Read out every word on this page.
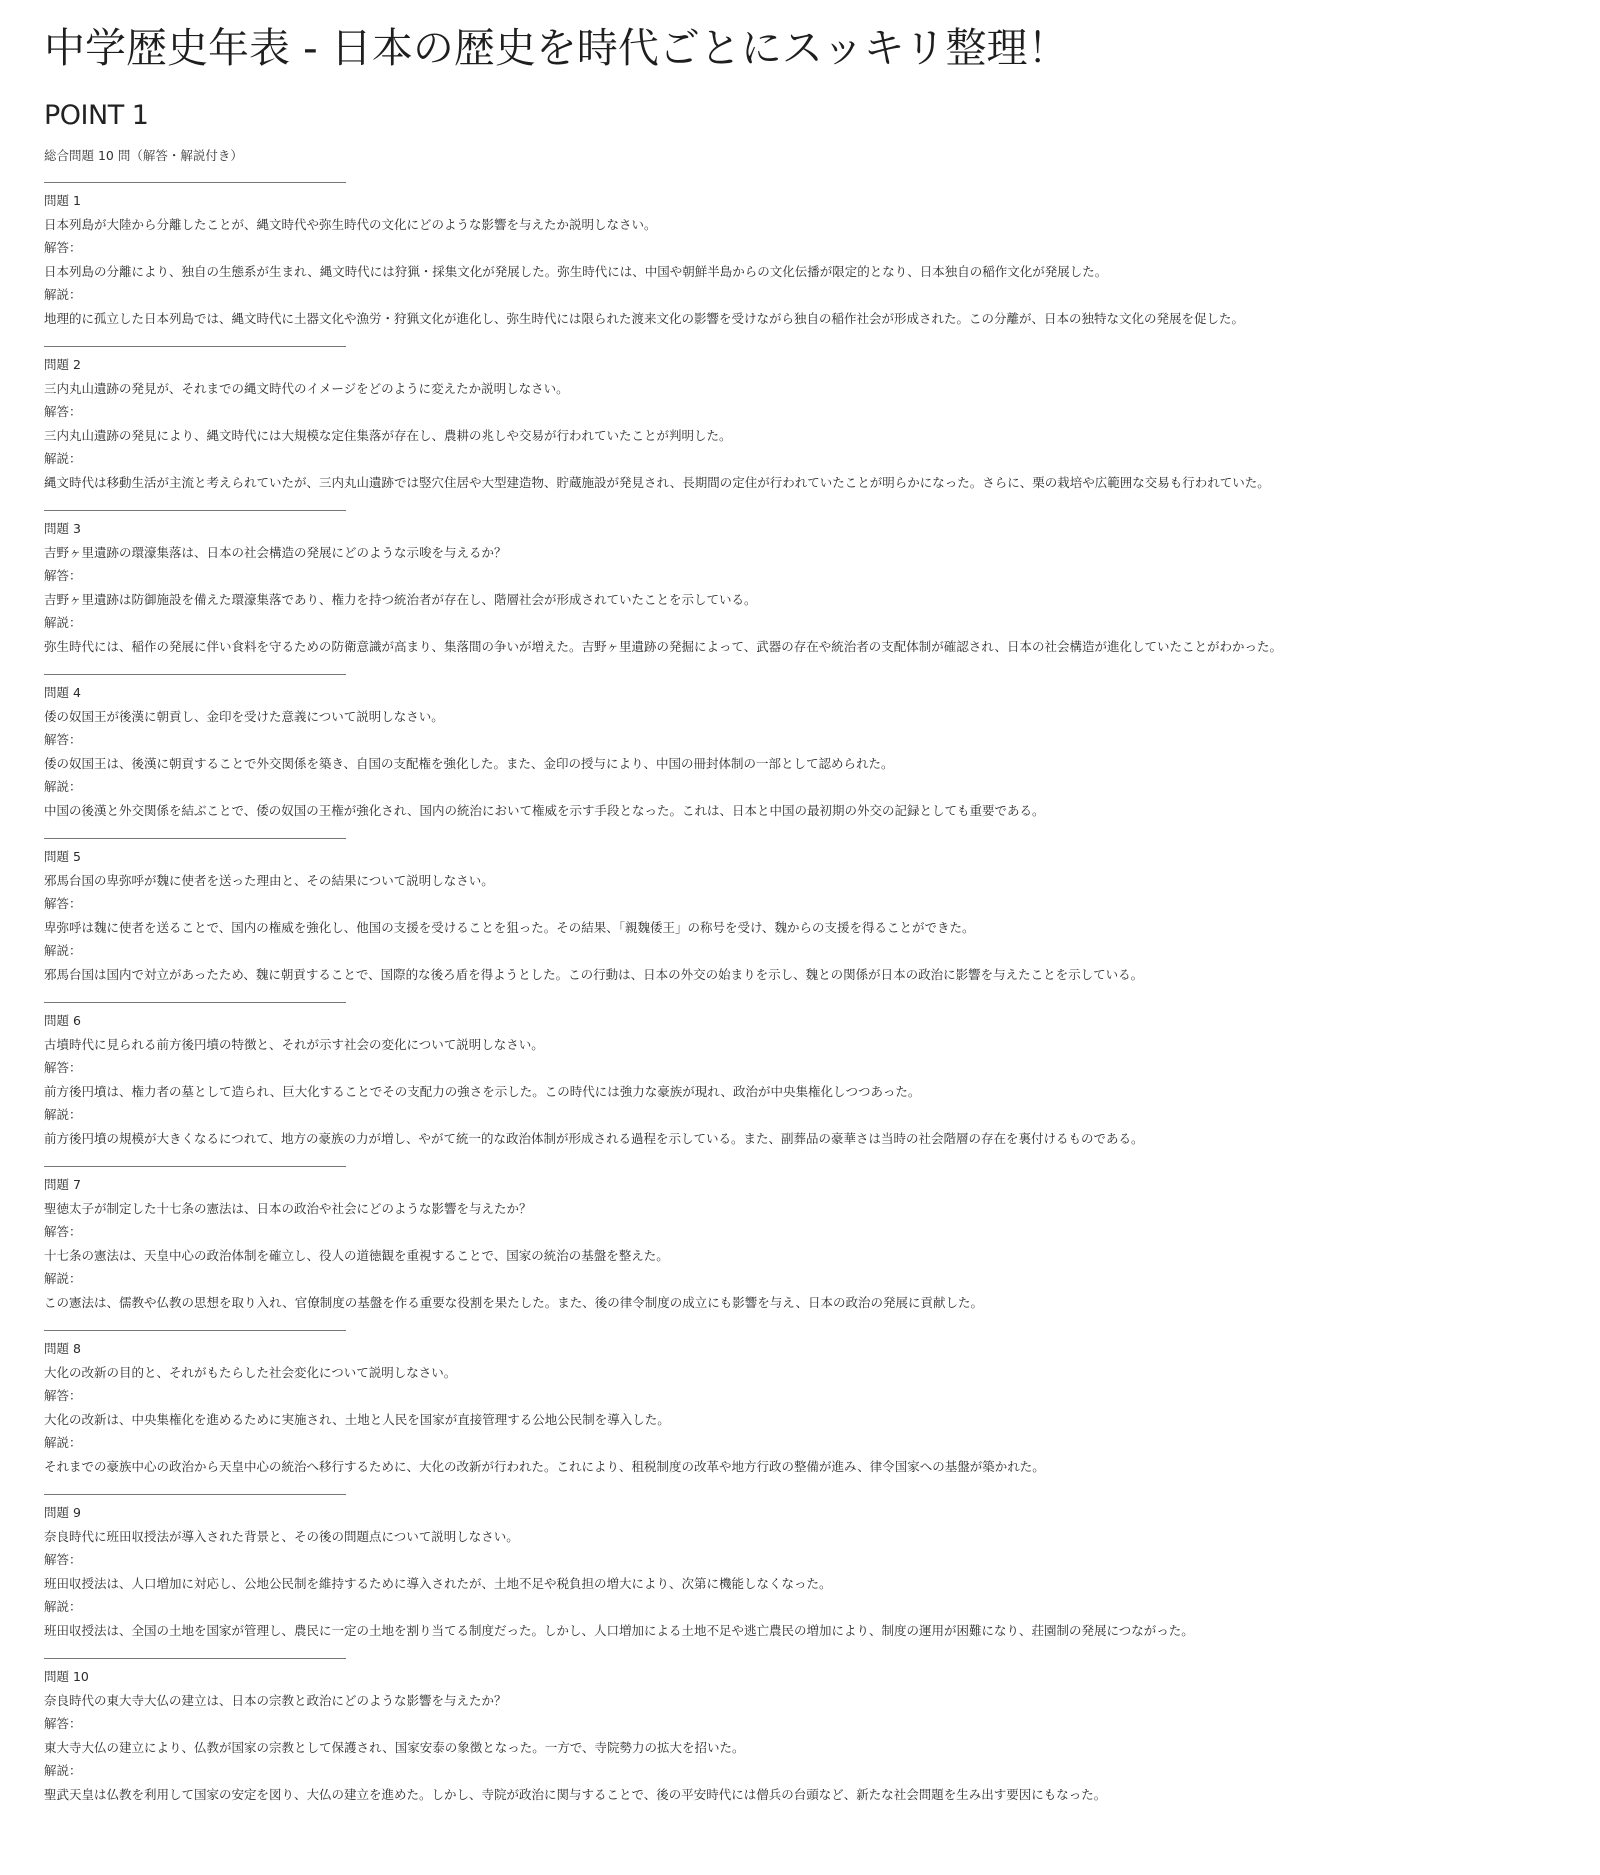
中学歴史年表 - 日本の歴史を時代ごとにスッキリ整理！
POINT 1
総合問題 10 問（解答・解説付き）
問題 1
日本列島が大陸から分離したことが、縄文時代や弥生時代の文化にどのような影響を与えたか説明しなさい。
解答：
日本列島の分離により、独自の生態系が生まれ、縄文時代には狩猟・採集文化が発展した。弥生時代には、中国や朝鮮半島からの文化伝播が限定的となり、日本独自の稲作文化が発展した。
解説：
地理的に孤立した日本列島では、縄文時代に土器文化や漁労・狩猟文化が進化し、弥生時代には限られた渡来文化の影響を受けながら独自の稲作社会が形成された。この分離が、日本の独特な文化の発展を促した。
問題 2
三内丸山遺跡の発見が、それまでの縄文時代のイメージをどのように変えたか説明しなさい。
解答：
三内丸山遺跡の発見により、縄文時代には大規模な定住集落が存在し、農耕の兆しや交易が行われていたことが判明した。
解説：
縄文時代は移動生活が主流と考えられていたが、三内丸山遺跡では竪穴住居や大型建造物、貯蔵施設が発見され、長期間の定住が行われていたことが明らかになった。さらに、栗の栽培や広範囲な交易も行われていた。
問題 3
吉野ヶ里遺跡の環濠集落は、日本の社会構造の発展にどのような示唆を与えるか？
解答：
吉野ヶ里遺跡は防御施設を備えた環濠集落であり、権力を持つ統治者が存在し、階層社会が形成されていたことを示している。
解説：
弥生時代には、稲作の発展に伴い食料を守るための防衛意識が高まり、集落間の争いが増えた。吉野ヶ里遺跡の発掘によって、武器の存在や統治者の支配体制が確認され、日本の社会構造が進化していたことがわかった。
問題 4
倭の奴国王が後漢に朝貢し、金印を受けた意義について説明しなさい。
解答：
倭の奴国王は、後漢に朝貢することで外交関係を築き、自国の支配権を強化した。また、金印の授与により、中国の冊封体制の一部として認められた。
解説：
中国の後漢と外交関係を結ぶことで、倭の奴国の王権が強化され、国内の統治において権威を示す手段となった。これは、日本と中国の最初期の外交の記録としても重要である。
問題 5
邪馬台国の卑弥呼が魏に使者を送った理由と、その結果について説明しなさい。
解答：
卑弥呼は魏に使者を送ることで、国内の権威を強化し、他国の支援を受けることを狙った。その結果、「親魏倭王」の称号を受け、魏からの支援を得ることができた。
解説：
邪馬台国は国内で対立があったため、魏に朝貢することで、国際的な後ろ盾を得ようとした。この行動は、日本の外交の始まりを示し、魏との関係が日本の政治に影響を与えたことを示している。
問題 6
古墳時代に見られる前方後円墳の特徴と、それが示す社会の変化について説明しなさい。
解答：
前方後円墳は、権力者の墓として造られ、巨大化することでその支配力の強さを示した。この時代には強力な豪族が現れ、政治が中央集権化しつつあった。
解説：
前方後円墳の規模が大きくなるにつれて、地方の豪族の力が増し、やがて統一的な政治体制が形成される過程を示している。また、副葬品の豪華さは当時の社会階層の存在を裏付けるものである。
問題 7
聖徳太子が制定した十七条の憲法は、日本の政治や社会にどのような影響を与えたか？
解答：
十七条の憲法は、天皇中心の政治体制を確立し、役人の道徳観を重視することで、国家の統治の基盤を整えた。
解説：
この憲法は、儒教や仏教の思想を取り入れ、官僚制度の基盤を作る重要な役割を果たした。また、後の律令制度の成立にも影響を与え、日本の政治の発展に貢献した。
問題 8
大化の改新の目的と、それがもたらした社会変化について説明しなさい。
解答：
大化の改新は、中央集権化を進めるために実施され、土地と人民を国家が直接管理する公地公民制を導入した。
解説：
それまでの豪族中心の政治から天皇中心の統治へ移行するために、大化の改新が行われた。これにより、租税制度の改革や地方行政の整備が進み、律令国家への基盤が築かれた。
問題 9
奈良時代に班田収授法が導入された背景と、その後の問題点について説明しなさい。
解答：
班田収授法は、人口増加に対応し、公地公民制を維持するために導入されたが、土地不足や税負担の増大により、次第に機能しなくなった。
解説：
班田収授法は、全国の土地を国家が管理し、農民に一定の土地を割り当てる制度だった。しかし、人口増加による土地不足や逃亡農民の増加により、制度の運用が困難になり、荘園制の発展につながった。
問題 10
奈良時代の東大寺大仏の建立は、日本の宗教と政治にどのような影響を与えたか？
解答：
東大寺大仏の建立により、仏教が国家の宗教として保護され、国家安泰の象徴となった。一方で、寺院勢力の拡大を招いた。
解説：
聖武天皇は仏教を利用して国家の安定を図り、大仏の建立を進めた。しかし、寺院が政治に関与することで、後の平安時代には僧兵の台頭など、新たな社会問題を生み出す要因にもなった。
